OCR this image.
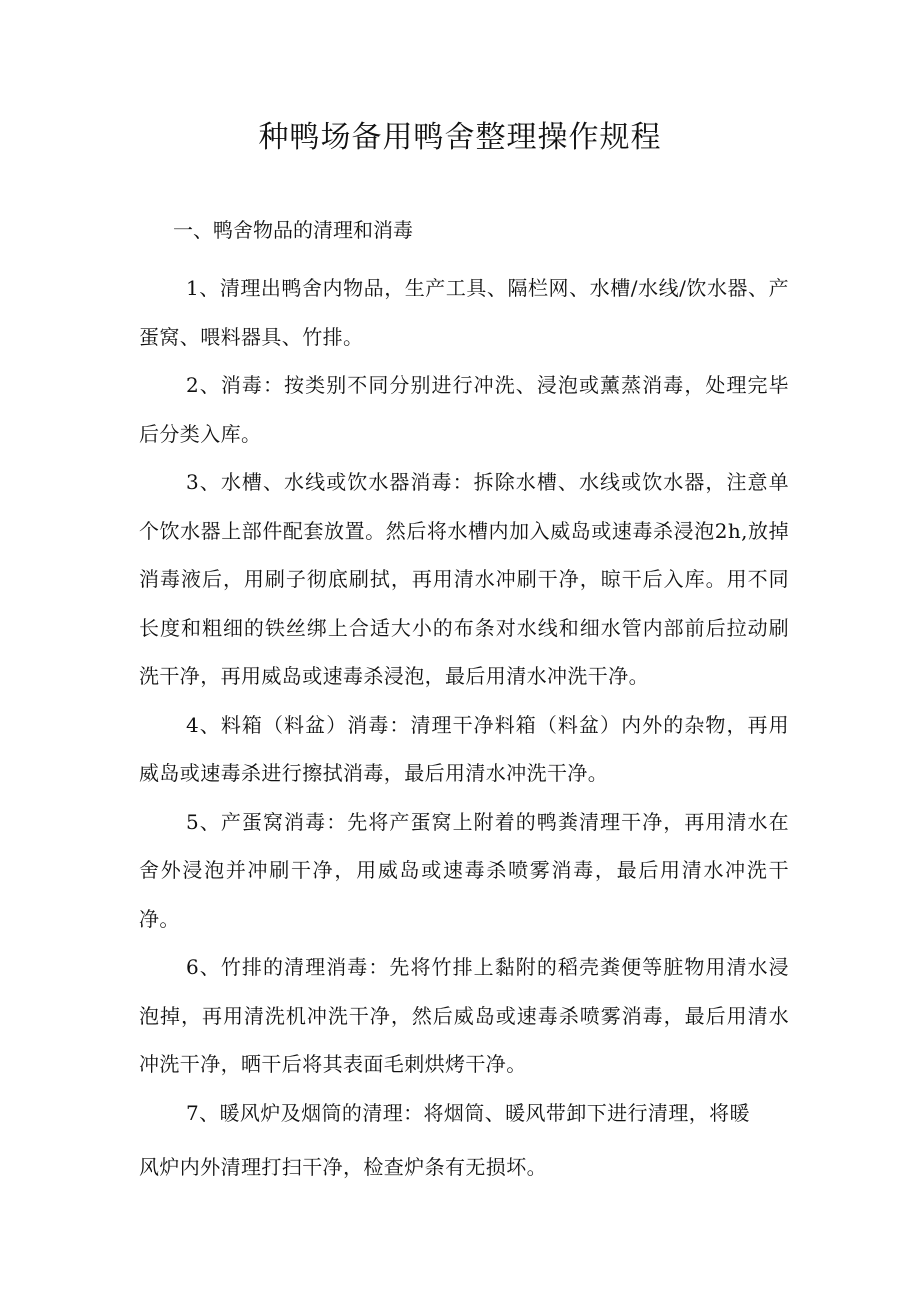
种鸭场备用鸭舍整理操作规程

一、鸭舍物品的清理和消毒

1、清理出鸭舍内物品，生产工具、隔栏网、水槽/水线/饮水器、产蛋窝、喂料器具、竹排。

2、消毒：按类别不同分别进行冲洗、浸泡或薰蒸消毒，处理完毕后分类入库。

3、水槽、水线或饮水器消毒：拆除水槽、水线或饮水器，注意单个饮水器上部件配套放置。然后将水槽内加入威岛或速毒杀浸泡2h,放掉消毒液后，用刷子彻底刷拭，再用清水冲刷干净，晾干后入库。用不同长度和粗细的铁丝绑上合适大小的布条对水线和细水管内部前后拉动刷洗干净，再用威岛或速毒杀浸泡，最后用清水冲洗干净。

4、料箱（料盆）消毒：清理干净料箱（料盆）内外的杂物，再用威岛或速毒杀进行擦拭消毒，最后用清水冲洗干净。

5、产蛋窝消毒：先将产蛋窝上附着的鸭粪清理干净，再用清水在舍外浸泡并冲刷干净，用威岛或速毒杀喷雾消毒，最后用清水冲洗干净。

6、竹排的清理消毒：先将竹排上黏附的稻壳粪便等脏物用清水浸泡掉，再用清洗机冲洗干净，然后威岛或速毒杀喷雾消毒，最后用清水冲洗干净，晒干后将其表面毛刺烘烤干净。

7、暖风炉及烟筒的清理：将烟筒、暖风带卸下进行清理，将暖
风炉内外清理打扫干净，检查炉条有无损坏。
